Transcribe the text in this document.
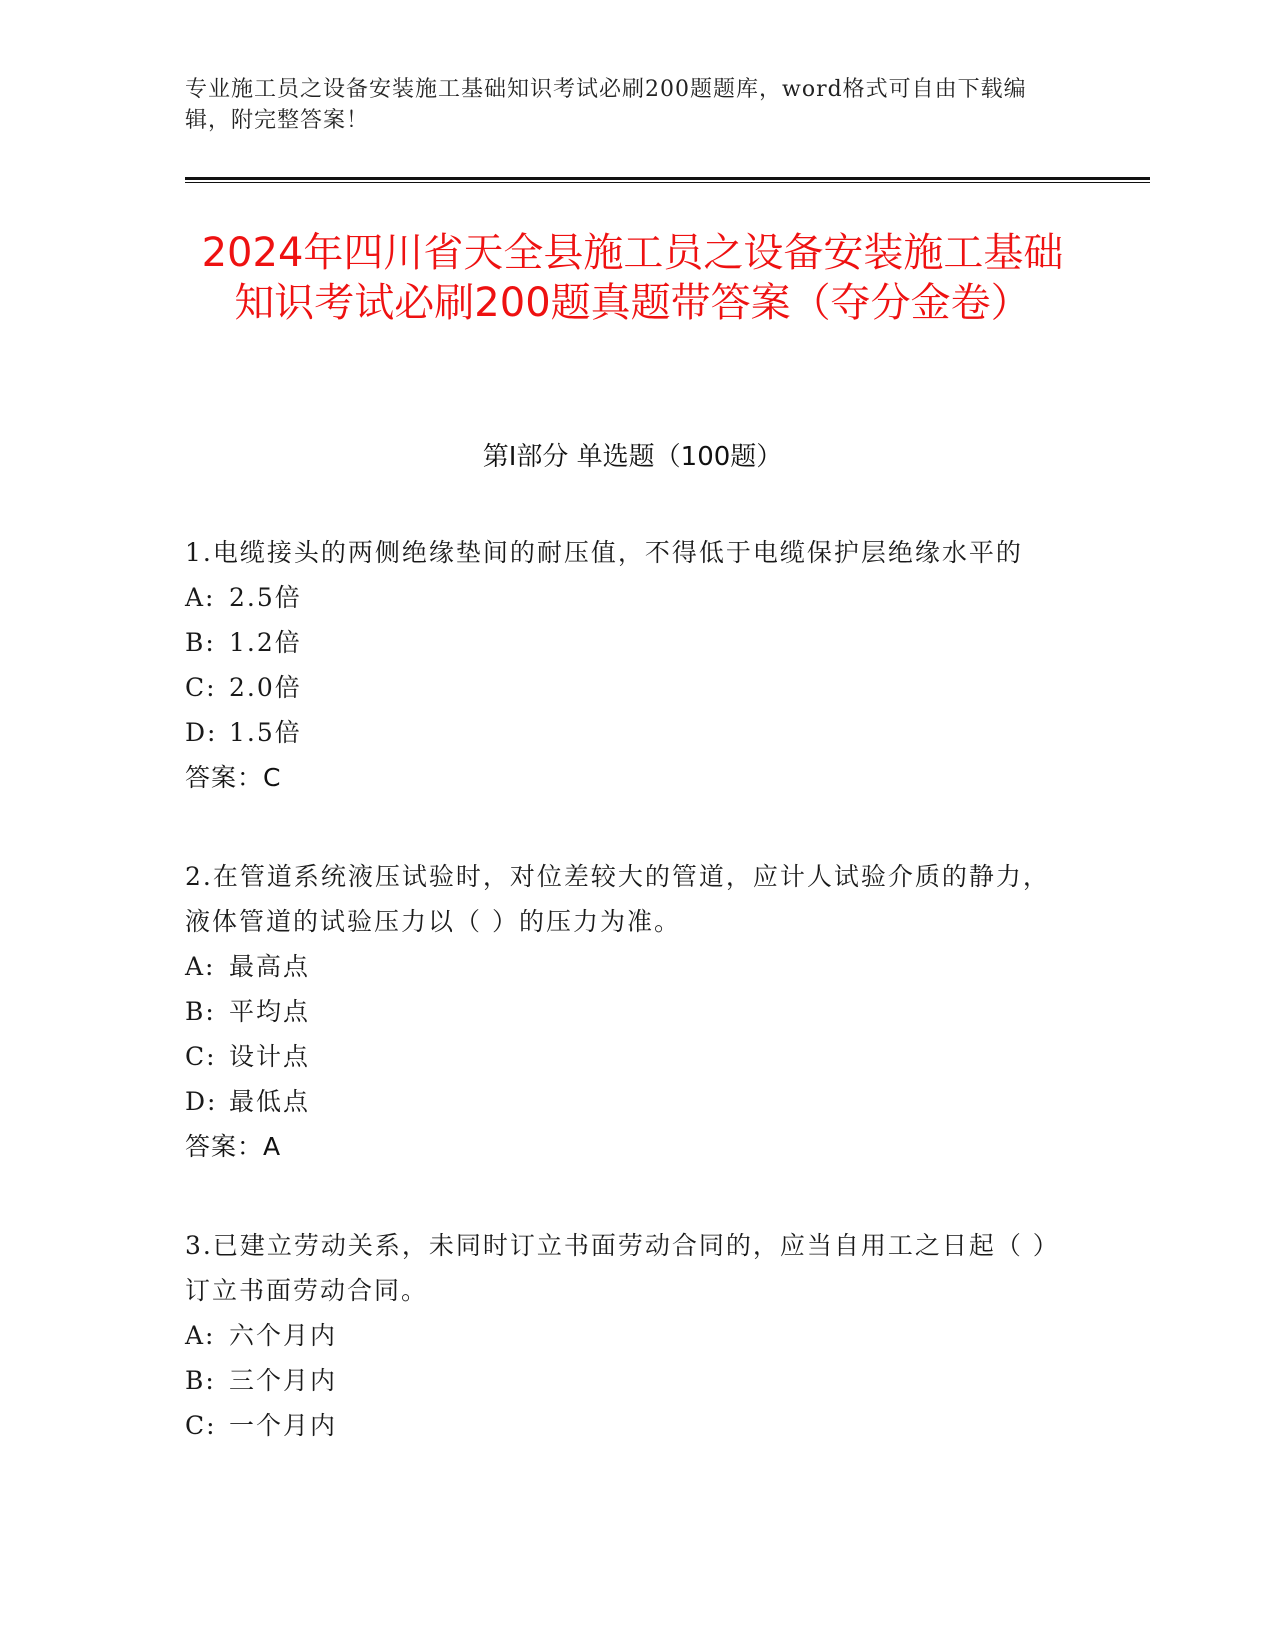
专业施工员之设备安装施工基础知识考试必刷200题题库，word格式可自由下载编辑，附完整答案！
2024年四川省天全县施工员之设备安装施工基础知识考试必刷200题真题带答案（夺分金卷）
第I部分 单选题（100题）
1.电缆接头的两侧绝缘垫间的耐压值，不得低于电缆保护层绝缘水平的
A: 2.5倍
B: 1.2倍
C: 2.0倍
D: 1.5倍
答案：C
2.在管道系统液压试验时，对位差较大的管道，应计人试验介质的静力，液体管道的试验压力以（ ）的压力为准。
A: 最高点
B: 平均点
C: 设计点
D: 最低点
答案：A
3.已建立劳动关系，未同时订立书面劳动合同的，应当自用工之日起（ ）订立书面劳动合同。
A: 六个月内
B: 三个月内
C: 一个月内
